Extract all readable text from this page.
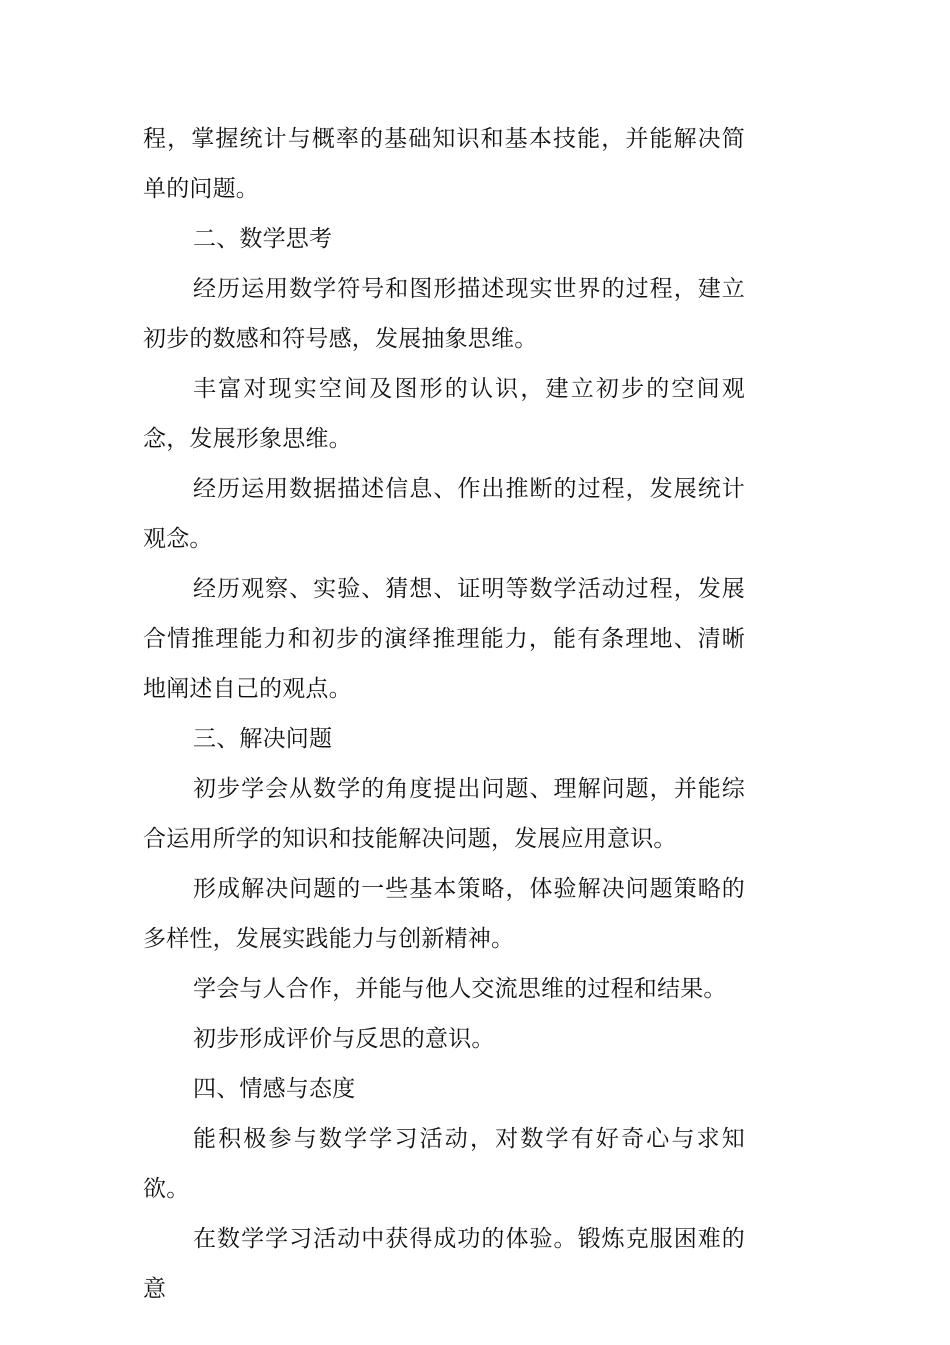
程，掌握统计与概率的基础知识和基本技能，并能解决简单的问题。

二、数学思考

经历运用数学符号和图形描述现实世界的过程，建立初步的数感和符号感，发展抽象思维。

丰富对现实空间及图形的认识，建立初步的空间观念，发展形象思维。

经历运用数据描述信息、作出推断的过程，发展统计观念。

经历观察、实验、猜想、证明等数学活动过程，发展合情推理能力和初步的演绎推理能力，能有条理地、清晰地阐述自己的观点。

三、解决问题

初步学会从数学的角度提出问题、理解问题，并能综合运用所学的知识和技能解决问题，发展应用意识。

形成解决问题的一些基本策略，体验解决问题策略的多样性，发展实践能力与创新精神。

学会与人合作，并能与他人交流思维的过程和结果。

初步形成评价与反思的意识。

四、情感与态度

能积极参与数学学习活动，对数学有好奇心与求知欲。

在数学学习活动中获得成功的体验。锻炼克服困难的意
